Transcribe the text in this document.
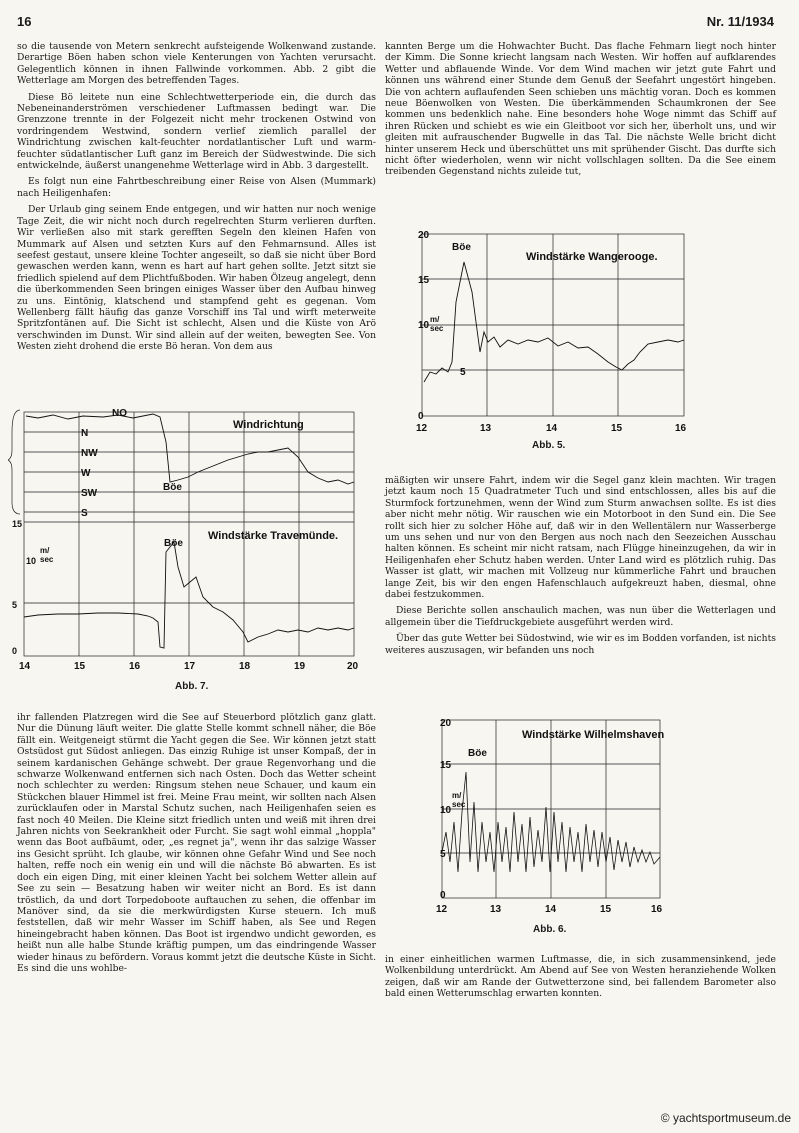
16	Nr. 11/1934

so die tausende von Metern senkrecht aufsteigende Wolkenwand zustande. Derartige Böen haben schon viele Kenterungen von Yachten verursacht. Gelegentlich können in ihnen Fallwinde vorkommen. Abb. 2 gibt die Wetterlage am Morgen des betreffenden Tages.

Diese Bö leitete nun eine Schlechtwetterperiode ein, die durch das Nebeneinanderströmen verschiedener Luftmassen bedingt war. Die Grenzzone trennte in der Folgezeit nicht mehr trockenen Ostwind von vordringendem Westwind, sondern verlief ziemlich parallel der Windrichtung zwischen kalt-feuchter nordatlantischer Luft und warm-feuchter südatlantischer Luft ganz im Bereich der Südwestwinde. Die sich entwickelnde, äußerst unangenehme Wetterlage wird in Abb. 3 dargestellt.

Es folgt nun eine Fahrtbeschreibung einer Reise von Alsen (Mummark) nach Heiligenhafen:

Der Urlaub ging seinem Ende entgegen, und wir hatten nur noch wenige Tage Zeit, die wir nicht noch durch regelrechten Sturm verlieren durften. Wir verließen also mit stark gerefften Segeln den kleinen Hafen von Mummark auf Alsen und setzten Kurs auf den Fehmarnsund. Alles ist seefest gestaut, unsere kleine Tochter angeseilt, so daß sie nicht über Bord gewaschen werden kann, wenn es hart auf hart gehen sollte. Jetzt sitzt sie friedlich spielend auf dem Plichtfußboden. Wir haben Ölzeug angelegt, denn die überkommenden Seen bringen einiges Wasser über den Aufbau hinweg zu uns. Eintönig, klatschend und stampfend geht es gegenan. Vom Wellenberg fällt häufig das ganze Vorschiff ins Tal und wirft meterweite Spritzfontänen auf. Die Sicht ist schlecht, Alsen und die Küste von Arö verschwinden im Dunst. Wir sind allein auf der weiten, bewegten See. Von Westen zieht drohend die erste Bö heran. Von dem aus

NO
N
NW
W
SW
S
Windrichtung
Windstärke Travemünde.
Böe
Böe
15
10
5
0
m/
sec
14	15	16	17	18	19	20
Abb. 7.

ihr fallenden Platzregen wird die See auf Steuerbord plötzlich ganz glatt. Nur die Dünung läuft weiter. Die glatte Stelle kommt schnell näher, die Böe fällt ein. Weitgeneigt stürmt die Yacht gegen die See. Wir können jetzt statt Ostsüdost gut Südost anliegen. Das einzig Ruhige ist unser Kompaß, der in seinem kardanischen Gehänge schwebt. Der graue Regenvorhang und die schwarze Wolkenwand entfernen sich nach Osten. Doch das Wetter scheint noch schlechter zu werden: Ringsum stehen neue Schauer, und kaum ein Stückchen blauer Himmel ist frei. Meine Frau meint, wir sollten nach Alsen zurücklaufen oder in Marstal Schutz suchen, nach Heiligenhafen seien es fast noch 40 Meilen. Die Kleine sitzt friedlich unten und weiß mit ihren drei Jahren nichts von Seekrankheit oder Furcht. Sie sagt wohl einmal „hoppla" wenn das Boot aufbäumt, oder, „es regnet ja", wenn ihr das salzige Wasser ins Gesicht sprüht. Ich glaube, wir können ohne Gefahr Wind und See noch halten, reffe noch ein wenig ein und will die nächste Bö abwarten. Es ist doch ein eigen Ding, mit einer kleinen Yacht bei solchem Wetter allein auf See zu sein — Besatzung haben wir weiter nicht an Bord. Es ist dann tröstlich, da und dort Torpedoboote auftauchen zu sehen, die offenbar im Manöver sind, da sie die merkwürdigsten Kurse steuern. Ich muß feststellen, daß wir mehr Wasser im Schiff haben, als See und Regen hineingebracht haben können. Das Boot ist irgendwo undicht geworden, es heißt nun alle halbe Stunde kräftig pumpen, um das eindringende Wasser wieder hinaus zu befördern. Voraus kommt jetzt die deutsche Küste in Sicht. Es sind die uns wohlbe-

kannten Berge um die Hohwachter Bucht. Das flache Fehmarn liegt noch hinter der Kimm. Die Sonne kriecht langsam nach Westen. Wir hoffen auf aufklarendes Wetter und abflauende Winde. Vor dem Wind machen wir jetzt gute Fahrt und können uns während einer Stunde dem Genuß der Seefahrt ungestört hingeben. Die von achtern auflaufenden Seen schieben uns mächtig voran. Doch es kommen neue Böenwolken von Westen. Die überkämmenden Schaumkronen der See kommen uns bedenklich nahe. Eine besonders hohe Woge nimmt das Schiff auf ihren Rücken und schiebt es wie ein Gleitboot vor sich her, überholt uns, und wir gleiten mit aufrauschender Bugwelle in das Tal. Die nächste Welle bricht dicht hinter unserem Heck und überschüttet uns mit sprühender Gischt. Das durfte sich nicht öfter wiederholen, wenn wir nicht vollschlagen sollten. Da die See einem treibenden Gegenstand nichts zuleide tut,

20
15
10
5
0
m/
sec
Böe
Windstärke Wangerooge.
12	13	14	15	16
Abb. 5.

mäßigten wir unsere Fahrt, indem wir die Segel ganz klein machten. Wir tragen jetzt kaum noch 15 Quadratmeter Tuch und sind entschlossen, alles bis auf die Sturmfock fortzunehmen, wenn der Wind zum Sturm anwachsen sollte. Es ist dies aber nicht mehr nötig. Wir rauschen wie ein Motorboot in den Sund ein. Die See rollt sich hier zu solcher Höhe auf, daß wir in den Wellentälern nur Wasserberge um uns sehen und nur von den Bergen aus noch nach den Seezeichen Ausschau halten können. Es scheint mir nicht ratsam, nach Flügge hineinzugehen, da wir in Heiligenhafen eher Schutz haben werden. Unter Land wird es plötzlich ruhig. Das Wasser ist glatt, wir machen mit Vollzeug nur kümmerliche Fahrt und brauchen lange Zeit, bis wir den engen Hafenschlauch aufgekreuzt haben, diesmal, ohne dabei festzukommen.

Diese Berichte sollen anschaulich machen, was nun über die Wetterlagen und allgemein über die Tiefdruckgebiete ausgeführt werden wird.

Über das gute Wetter bei Südostwind, wie wir es im Bodden vorfanden, ist nichts weiteres auszusagen, wir befanden uns noch

20
15
10
5
0
m/
sec
Böe
Windstärke Wilhelmshaven
12	13	14	15	16
Abb. 6.

in einer einheitlichen warmen Luftmasse, die, in sich zusammensinkend, jede Wolkenbildung unterdrückt. Am Abend auf See von Westen heranziehende Wolken zeigen, daß wir am Rande der Gutwetterzone sind, bei fallendem Barometer also bald einen Wetterumschlag erwarten konnten.

© yachtsportmuseum.de
